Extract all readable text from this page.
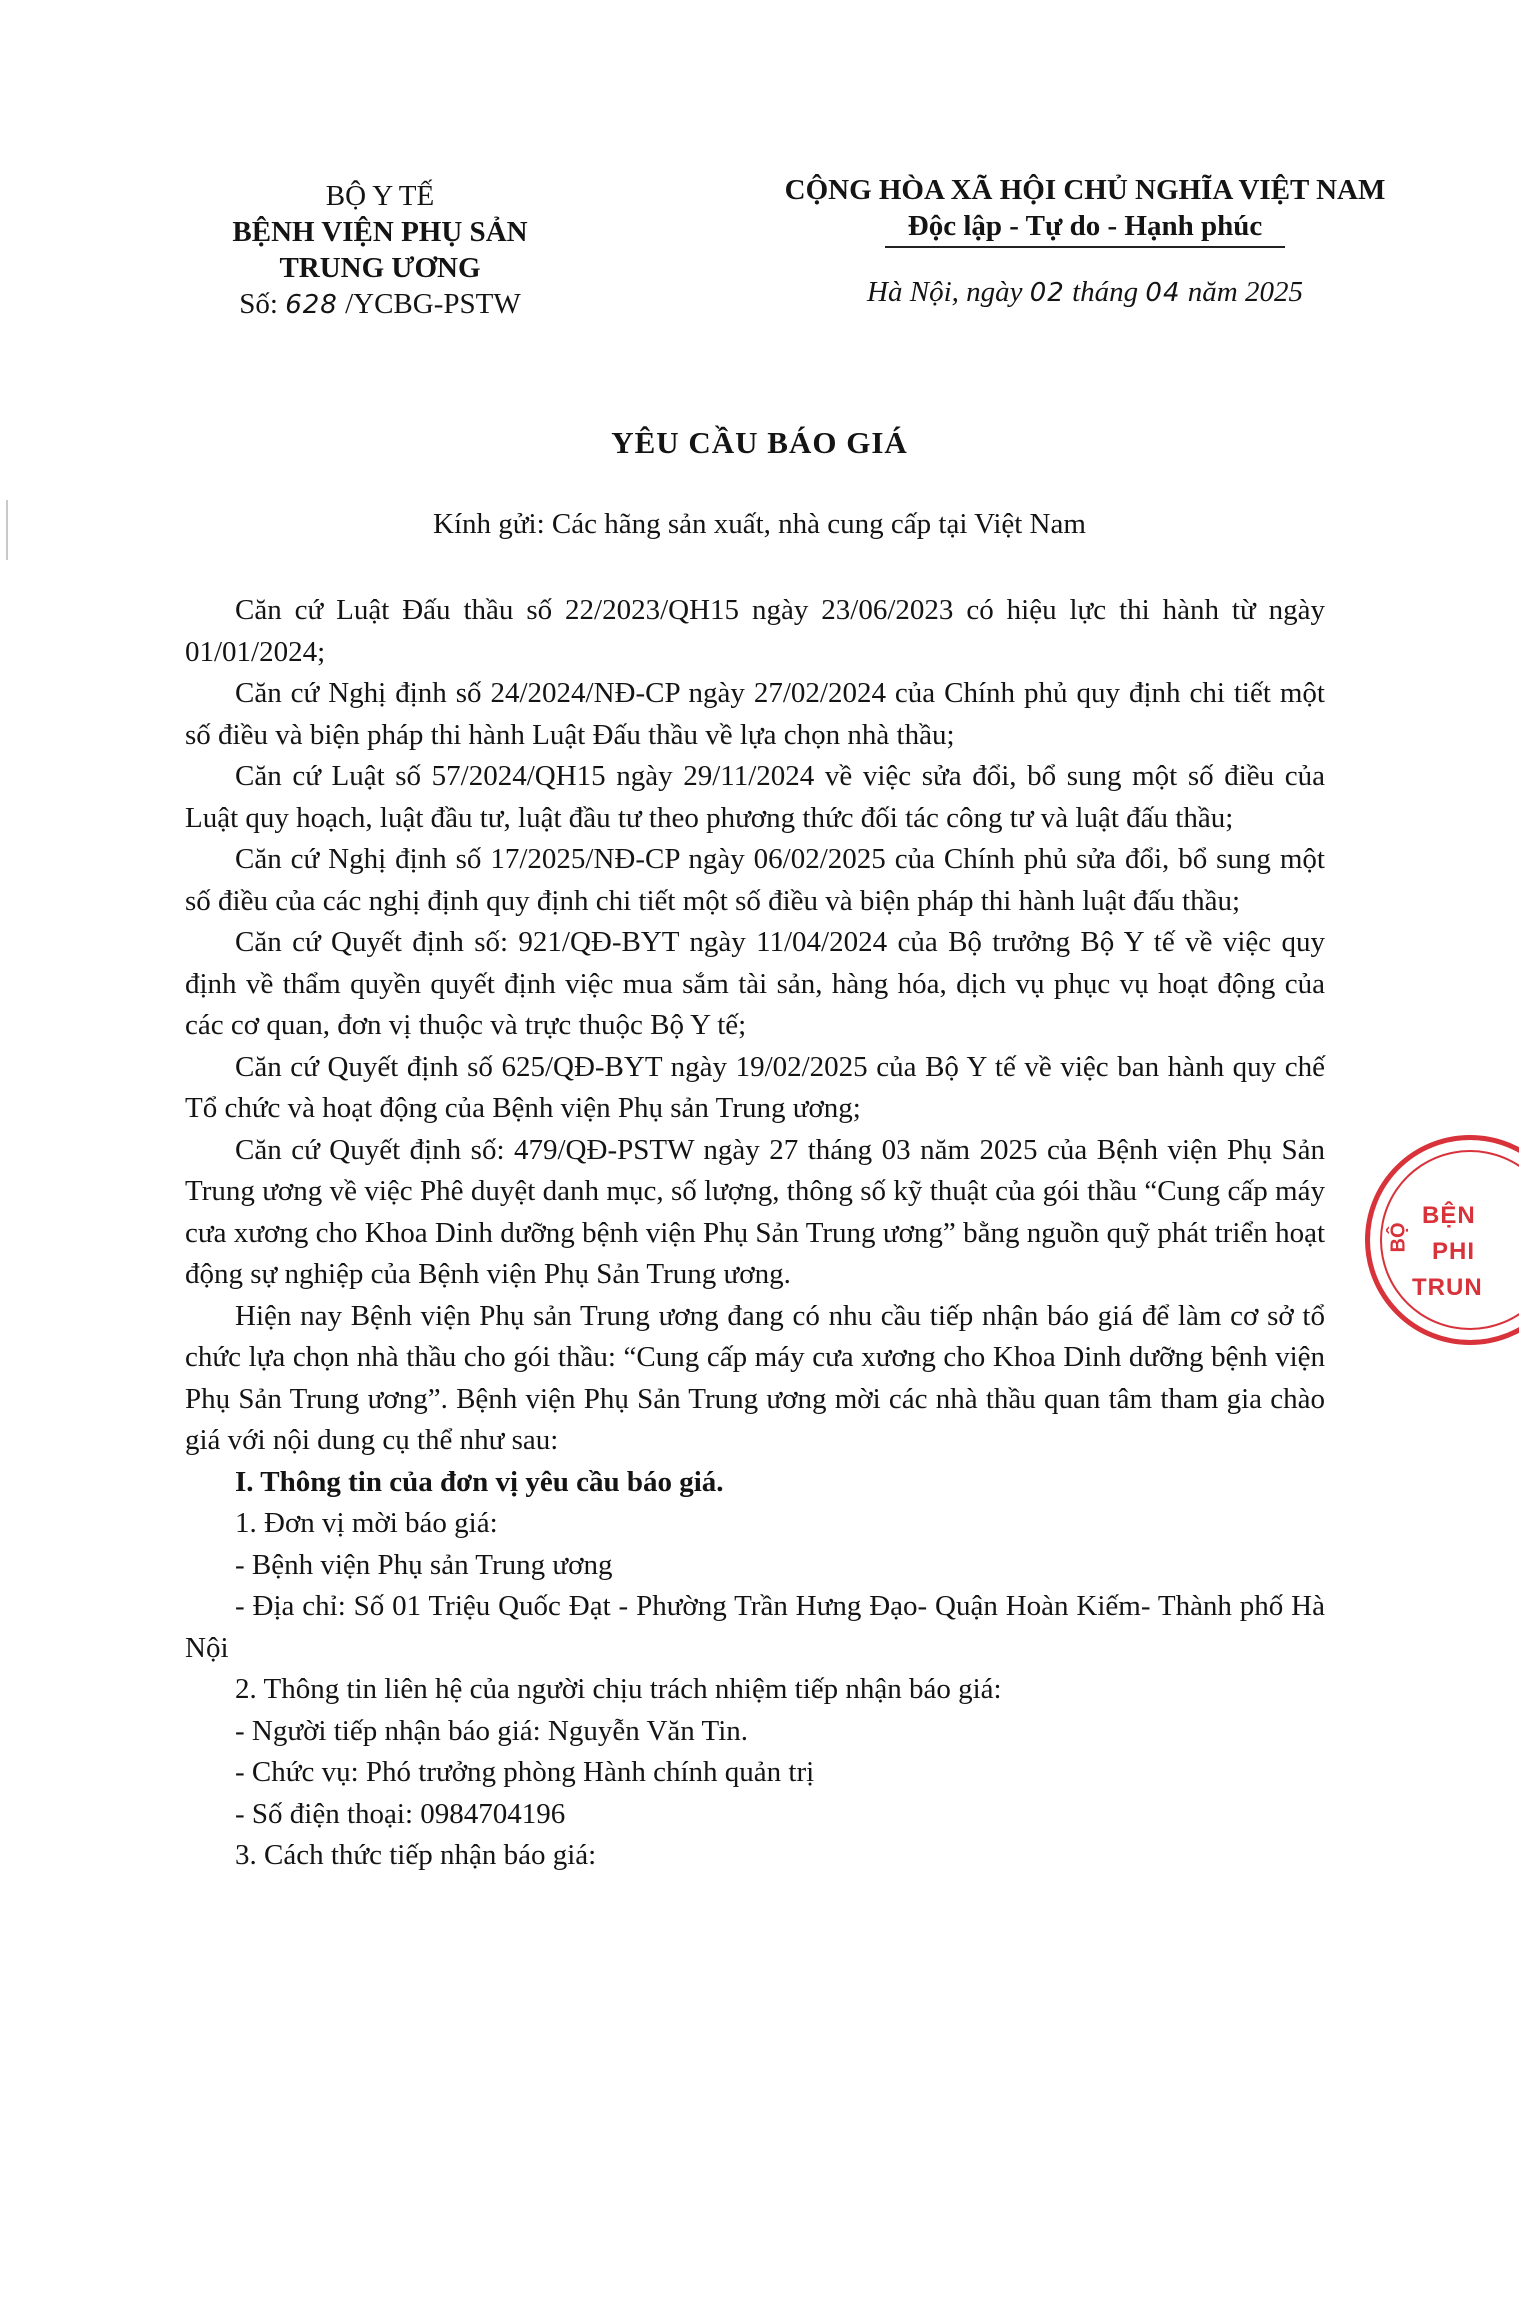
BỘ Y TẾ
BỆNH VIỆN PHỤ SẢN
TRUNG ƯƠNG
Số: 628 /YCBG-PSTW
CỘNG HÒA XÃ HỘI CHỦ NGHĨA VIỆT NAM
Độc lập - Tự do - Hạnh phúc
Hà Nội, ngày 02 tháng 04 năm 2025
YÊU CẦU BÁO GIÁ
Kính gửi: Các hãng sản xuất, nhà cung cấp tại Việt Nam

Căn cứ Luật Đấu thầu số 22/2023/QH15 ngày 23/06/2023 có hiệu lực thi hành từ ngày 01/01/2024;

Căn cứ Nghị định số 24/2024/NĐ-CP ngày 27/02/2024 của Chính phủ quy định chi tiết một số điều và biện pháp thi hành Luật Đấu thầu về lựa chọn nhà thầu;

Căn cứ Luật số 57/2024/QH15 ngày 29/11/2024 về việc sửa đổi, bổ sung một số điều của Luật quy hoạch, luật đầu tư, luật đầu tư theo phương thức đối tác công tư và luật đấu thầu;

Căn cứ Nghị định số 17/2025/NĐ-CP ngày 06/02/2025 của Chính phủ sửa đổi, bổ sung một số điều của các nghị định quy định chi tiết một số điều và biện pháp thi hành luật đấu thầu;

Căn cứ Quyết định số: 921/QĐ-BYT ngày 11/04/2024 của Bộ trưởng Bộ Y tế về việc quy định về thẩm quyền quyết định việc mua sắm tài sản, hàng hóa, dịch vụ phục vụ hoạt động của các cơ quan, đơn vị thuộc và trực thuộc Bộ Y tế;

Căn cứ Quyết định số 625/QĐ-BYT ngày 19/02/2025 của Bộ Y tế về việc ban hành quy chế Tổ chức và hoạt động của Bệnh viện Phụ sản Trung ương;

Căn cứ Quyết định số: 479/QĐ-PSTW ngày 27 tháng 03 năm 2025 của Bệnh viện Phụ Sản Trung ương về việc Phê duyệt danh mục, số lượng, thông số kỹ thuật của gói thầu “Cung cấp máy cưa xương cho Khoa Dinh dưỡng bệnh viện Phụ Sản Trung ương” bằng nguồn quỹ phát triển hoạt động sự nghiệp của Bệnh viện Phụ Sản Trung ương.

Hiện nay Bệnh viện Phụ sản Trung ương đang có nhu cầu tiếp nhận báo giá để làm cơ sở tổ chức lựa chọn nhà thầu cho gói thầu: “Cung cấp máy cưa xương cho Khoa Dinh dưỡng bệnh viện Phụ Sản Trung ương”. Bệnh viện Phụ Sản Trung ương mời các nhà thầu quan tâm tham gia chào giá với nội dung cụ thể như sau:

I. Thông tin của đơn vị yêu cầu báo giá.

1. Đơn vị mời báo giá:

- Bệnh viện Phụ sản Trung ương

- Địa chỉ: Số 01 Triệu Quốc Đạt - Phường Trần Hưng Đạo- Quận Hoàn Kiếm- Thành phố Hà Nội

2. Thông tin liên hệ của người chịu trách nhiệm tiếp nhận báo giá:

- Người tiếp nhận báo giá: Nguyễn Văn Tin.

- Chức vụ: Phó trưởng phòng Hành chính quản trị

- Số điện thoại: 0984704196

3. Cách thức tiếp nhận báo giá:

BỆN
PHI
TRUN
BỘ
